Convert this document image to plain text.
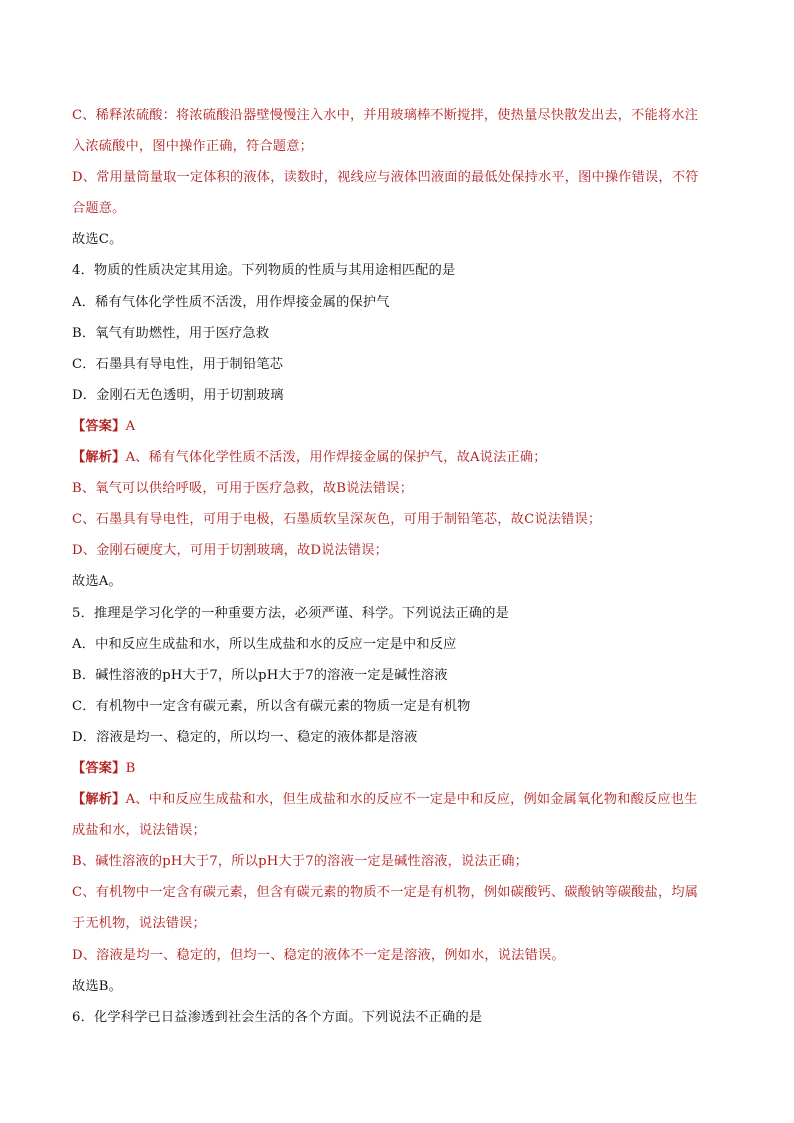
C、稀释浓硫酸：将浓硫酸沿器壁慢慢注入水中，并用玻璃棒不断搅拌，使热量尽快散发出去，不能将水注

入浓硫酸中，图中操作正确，符合题意；

D、常用量筒量取一定体积的液体，读数时，视线应与液体凹液面的最低处保持水平，图中操作错误，不符

合题意。

故选C。

4．物质的性质决定其用途。下列物质的性质与其用途相匹配的是

A．稀有气体化学性质不活泼，用作焊接金属的保护气

B．氧气有助燃性，用于医疗急救

C．石墨具有导电性，用于制铅笔芯

D．金刚石无色透明，用于切割玻璃

【答案】A

【解析】A、稀有气体化学性质不活泼，用作焊接金属的保护气，故A说法正确；

B、氧气可以供给呼吸，可用于医疗急救，故B说法错误；

C、石墨具有导电性，可用于电极，石墨质软呈深灰色，可用于制铅笔芯，故C说法错误；

D、金刚石硬度大，可用于切割玻璃，故D说法错误；

故选A。

5．推理是学习化学的一种重要方法，必须严谨、科学。下列说法正确的是

A．中和反应生成盐和水，所以生成盐和水的反应一定是中和反应

B．碱性溶液的pH大于7，所以pH大于7的溶液一定是碱性溶液

C．有机物中一定含有碳元素，所以含有碳元素的物质一定是有机物

D．溶液是均一、稳定的，所以均一、稳定的液体都是溶液

【答案】B

【解析】A、中和反应生成盐和水，但生成盐和水的反应不一定是中和反应，例如金属氧化物和酸反应也生

成盐和水，说法错误；

B、碱性溶液的pH大于7，所以pH大于7的溶液一定是碱性溶液，说法正确；

C、有机物中一定含有碳元素，但含有碳元素的物质不一定是有机物，例如碳酸钙、碳酸钠等碳酸盐，均属

于无机物，说法错误；

D、溶液是均一、稳定的，但均一、稳定的液体不一定是溶液，例如水，说法错误。

故选B。

6．化学科学已日益渗透到社会生活的各个方面。下列说法不正确的是
